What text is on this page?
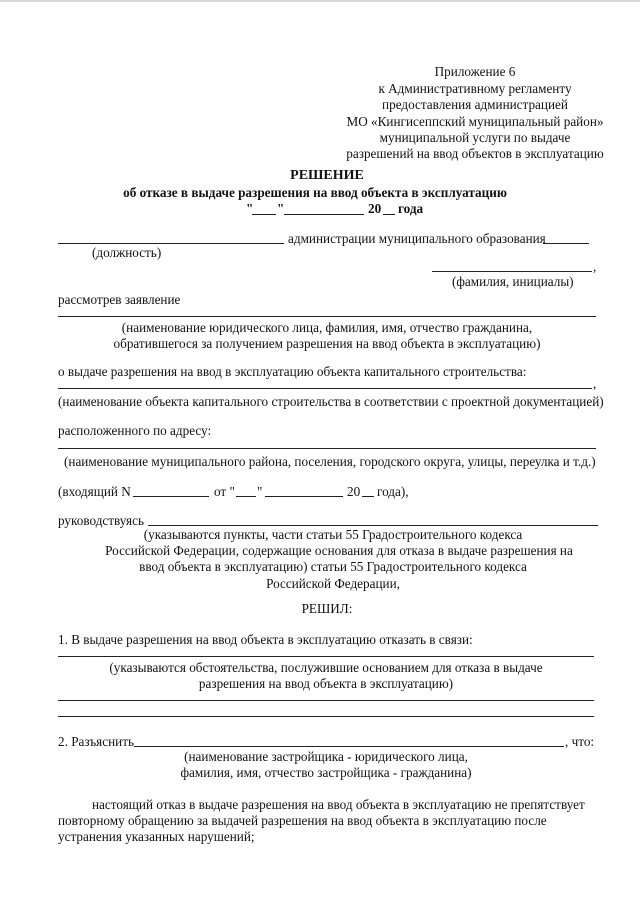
Приложение 6
к Административному регламенту
предоставления администрацией
МО «Кингисеппский муниципальный район»
муниципальной услуги по выдаче
разрешений на ввод объектов в эксплуатацию
РЕШЕНИЕ
об отказе в выдаче разрешения на ввод объекта в эксплуатацию
" "	20 года
администрации муниципального образования
(должность)
,
(фамилия, инициалы)
рассмотрев заявление
(наименование юридического лица, фамилия, имя, отчество гражданина,
обратившегося за получением разрешения на ввод объекта в эксплуатацию)
о выдаче разрешения на ввод в эксплуатацию объекта капитального строительства:
,
(наименование объекта капитального строительства в соответствии с проектной документацией)
расположенного по адресу:
(наименование муниципального района, поселения, городского округа, улицы, переулка и т.д.)
(входящий N	от " "	20 года),
руководствуясь
(указываются пункты, части статьи 55 Градостроительного кодекса
Российской Федерации, содержащие основания для отказа в выдаче разрешения на
ввод объекта в эксплуатацию) статьи 55 Градостроительного кодекса
Российской Федерации,
РЕШИЛ:
1. В выдаче разрешения на ввод объекта в эксплуатацию отказать в связи:
(указываются обстоятельства, послужившие основанием для отказа в выдаче
разрешения на ввод объекта в эксплуатацию)
2. Разъяснить	, что:
(наименование застройщика - юридического лица,
фамилия, имя, отчество застройщика - гражданина)
настоящий отказ в выдаче разрешения на ввод объекта в эксплуатацию не препятствует
повторному обращению за выдачей разрешения на ввод объекта в эксплуатацию после
устранения указанных нарушений;
